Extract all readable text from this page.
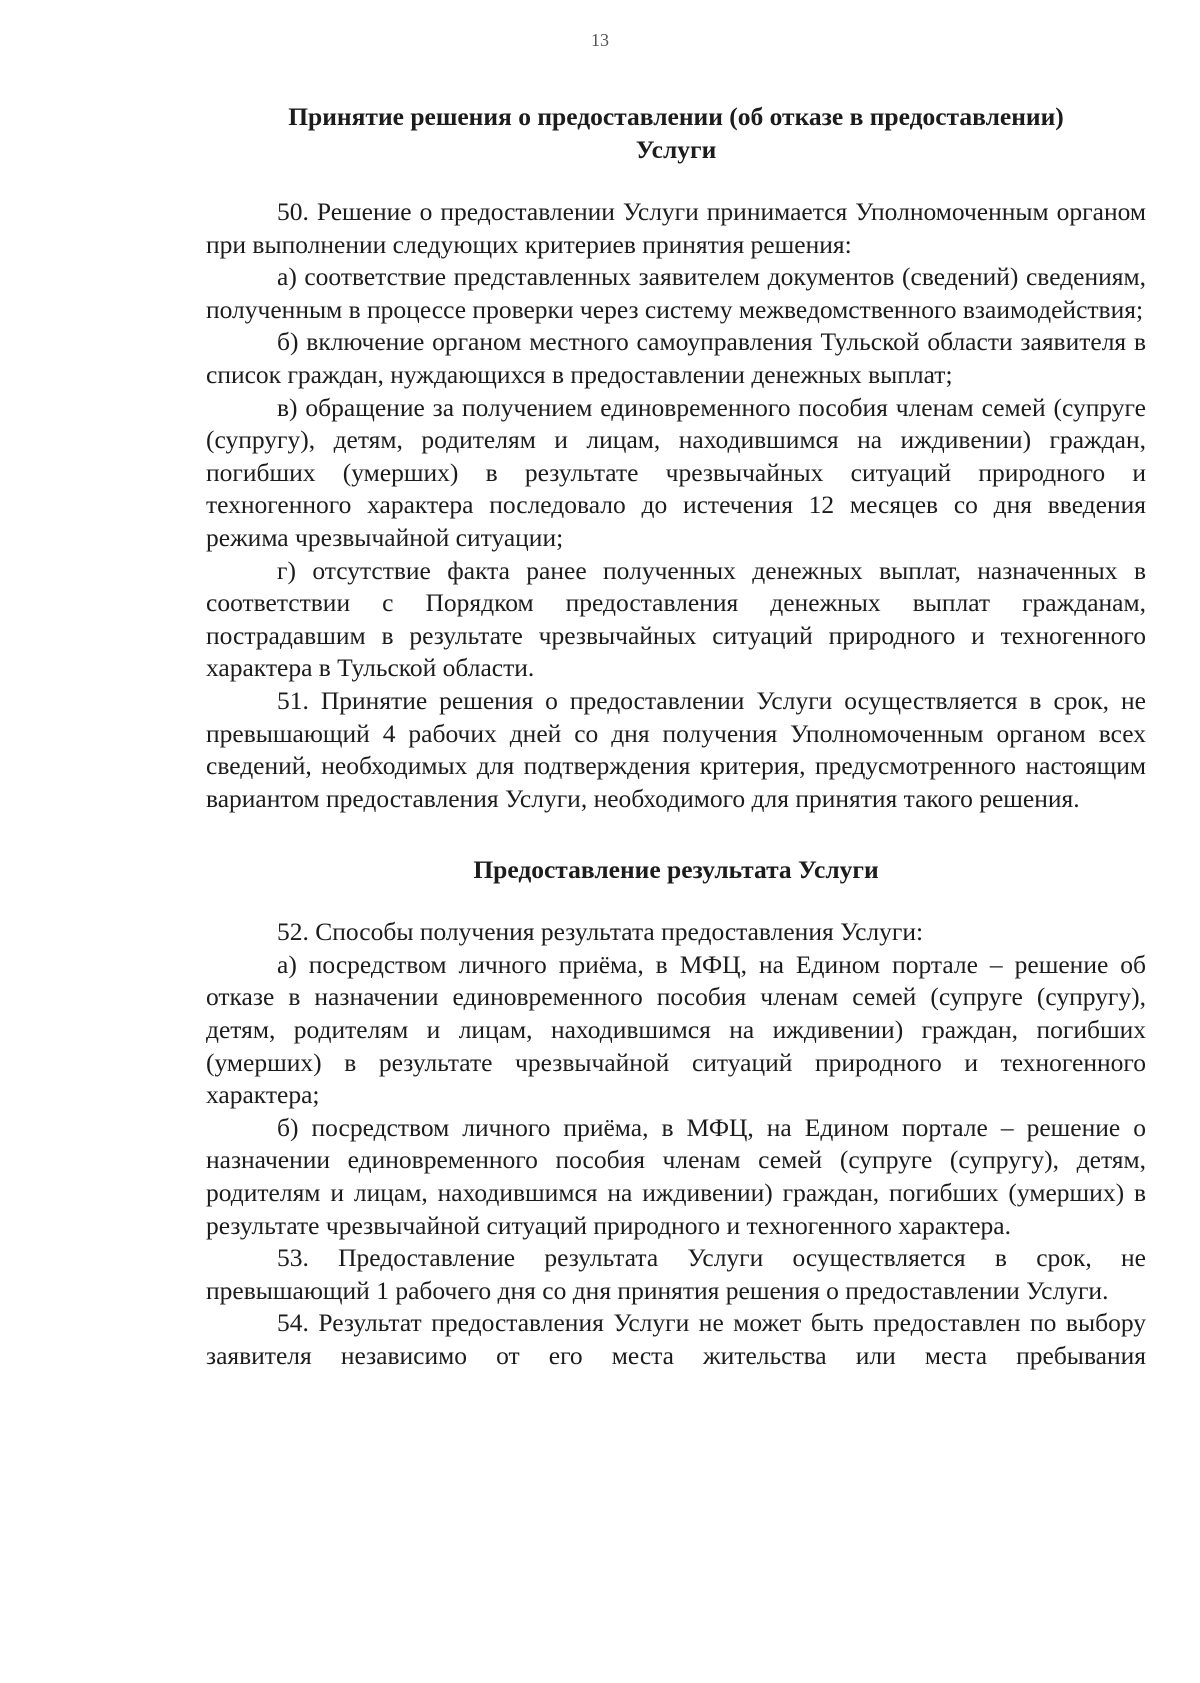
13
Принятие решения о предоставлении (об отказе в предоставлении)
Услуги

50. Решение о предоставлении Услуги принимается Уполномоченным органом при выполнении следующих критериев принятия решения:

а) соответствие представленных заявителем документов (сведений) сведениям, полученным в процессе проверки через систему межведомственного взаимодействия;

б) включение органом местного самоуправления Тульской области заявителя в список граждан, нуждающихся в предоставлении денежных выплат;

в) обращение за получением единовременного пособия членам семей (супруге (супругу), детям, родителям и лицам, находившимся на иждивении) граждан, погибших (умерших) в результате чрезвычайных ситуаций природного и техногенного характера последовало до истечения 12 месяцев со дня введения режима чрезвычайной ситуации;

г) отсутствие факта ранее полученных денежных выплат, назначенных в соответствии с Порядком предоставления денежных выплат гражданам, пострадавшим в результате чрезвычайных ситуаций природного и техногенного характера в Тульской области.

51. Принятие решения о предоставлении Услуги осуществляется в срок, не превышающий 4 рабочих дней со дня получения Уполномоченным органом всех сведений, необходимых для подтверждения критерия, предусмотренного настоящим вариантом предоставления Услуги, необходимого для принятия такого решения.

Предоставление результата Услуги

52. Способы получения результата предоставления Услуги:

а) посредством личного приёма, в МФЦ, на Едином портале – решение об отказе в назначении единовременного пособия членам семей (супруге (супругу), детям, родителям и лицам, находившимся на иждивении) граждан, погибших (умерших) в результате чрезвычайной ситуаций природного и техногенного характера;

б) посредством личного приёма, в МФЦ, на Едином портале – решение о назначении единовременного пособия членам семей (супруге (супругу), детям, родителям и лицам, находившимся на иждивении) граждан, погибших (умерших) в результате чрезвычайной ситуаций природного и техногенного характера.

53. Предоставление результата Услуги осуществляется в срок, не превышающий 1 рабочего дня со дня принятия решения о предоставлении Услуги.

54. Результат предоставления Услуги не может быть предоставлен по выбору заявителя независимо от его места жительства или места пребывания
